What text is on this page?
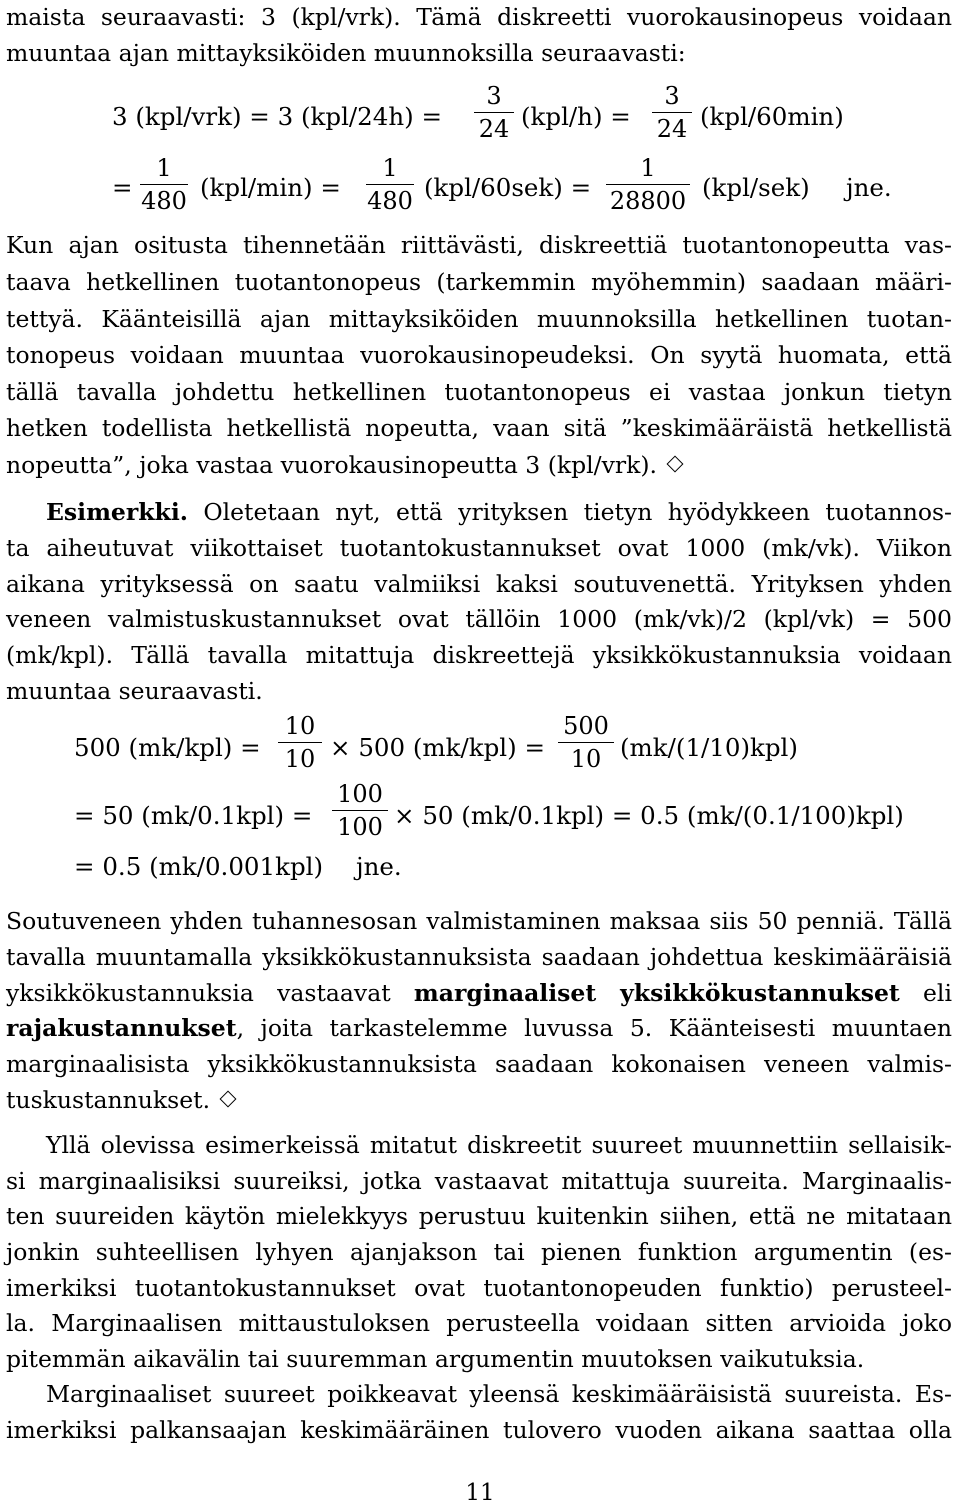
maista seuraavasti: 3 (kpl/vrk). Tämä diskreetti vuorokausinopeus voidaan
muuntaa ajan mittayksiköiden muunnoksilla seuraavasti:
3 (kpl/vrk) = 3 (kpl/24h) =
3
24 (kpl/h) =
3
24 (kpl/60min)
=
1
480 (kpl/min) =
1
480 (kpl/60sek) =
1
28800 (kpl/sek) jne.
Kun ajan ositusta tihennetään riittävästi, diskreettiä tuotantonopeutta vas-
taava hetkellinen tuotantonopeus (tarkemmin myöhemmin) saadaan määri-
tettyä. Käänteisillä ajan mittayksiköiden muunnoksilla hetkellinen tuotan-
tonopeus voidaan muuntaa vuorokausinopeudeksi. On syytä huomata, että
tällä tavalla johdettu hetkellinen tuotantonopeus ei vastaa jonkun tietyn
hetken todellista hetkellistä nopeutta, vaan sitä ”keskimääräistä hetkellistä
nopeutta”, joka vastaa vuorokausinopeutta 3 (kpl/vrk).
Esimerkki. Oletetaan nyt, että yrityksen tietyn hyödykkeen tuotannos-
ta aiheutuvat viikottaiset tuotantokustannukset ovat 1000 (mk/vk). Viikon
aikana yrityksessä on saatu valmiiksi kaksi soutuvenettä. Yrityksen yhden
veneen valmistuskustannukset ovat tällöin 1000 (mk/vk)/2 (kpl/vk) = 500
(mk/kpl). Tällä tavalla mitattuja diskreettejä yksikkökustannuksia voidaan
muuntaa seuraavasti.
500 (mk/kpl) =
10
10 × 500 (mk/kpl) =
500
10 (mk/(1/10)kpl)
= 50 (mk/0.1kpl) =
100
100 × 50 (mk/0.1kpl) = 0.5 (mk/(0.1/100)kpl)
= 0.5 (mk/0.001kpl) jne.
Soutuveneen yhden tuhannesosan valmistaminen maksaa siis 50 penniä. Tällä
tavalla muuntamalla yksikkökustannuksista saadaan johdettua keskimääräisiä
yksikkökustannuksia vastaavat marginaaliset yksikkökustannukset eli
rajakustannukset, joita tarkastelemme luvussa 5. Käänteisesti muuntaen
marginaalisista yksikkökustannuksista saadaan kokonaisen veneen valmis-
tuskustannukset.
Yllä olevissa esimerkeissä mitatut diskreetit suureet muunnettiin sellaisik-
si marginaalisiksi suureiksi, jotka vastaavat mitattuja suureita. Marginaalis-
ten suureiden käytön mielekkyys perustuu kuitenkin siihen, että ne mitataan
jonkin suhteellisen lyhyen ajanjakson tai pienen funktion argumentin (es-
imerkiksi tuotantokustannukset ovat tuotantonopeuden funktio) perusteel-
la. Marginaalisen mittaustuloksen perusteella voidaan sitten arvioida joko
pitemmän aikavälin tai suuremman argumentin muutoksen vaikutuksia.
Marginaaliset suureet poikkeavat yleensä keskimääräisistä suureista. Es-
imerkiksi palkansaajan keskimääräinen tulovero vuoden aikana saattaa olla
11
